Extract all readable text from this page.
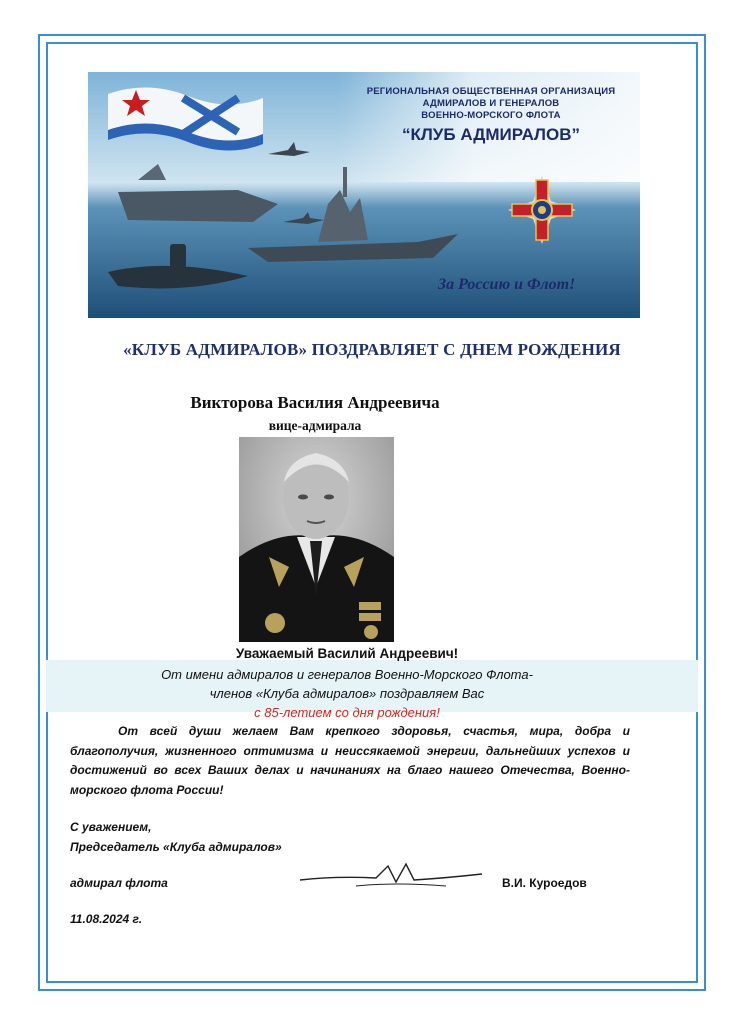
РЕГИОНАЛЬНАЯ ОБЩЕСТВЕННАЯ ОРГАНИЗАЦИЯ
АДМИРАЛОВ И ГЕНЕРАЛОВ
ВОЕННО-МОРСКОГО ФЛОТА
“КЛУБ АДМИРАЛОВ”
За Россию и Флот!
«КЛУБ АДМИРАЛОВ» ПОЗДРАВЛЯЕТ С ДНЕМ РОЖДЕНИЯ
Викторова Василия Андреевича
вице-адмирала
Уважаемый Василий Андреевич!
От имени адмиралов и генералов Военно-Морского Флота-
членов «Клуба адмиралов» поздравляем Вас
с 85-летием со дня рождения!
От всей души желаем Вам крепкого здоровья, счастья, мира, добра и благополучия, жизненного оптимизма и неиссякаемой энергии, дальнейших успехов и достижений во всех Ваших делах и начинаниях на благо нашего Отечества, Военно-морского флота России!
С уважением,
Председатель «Клуба адмиралов»
адмирал флота	В.И. Куроедов
11.08.2024 г.
